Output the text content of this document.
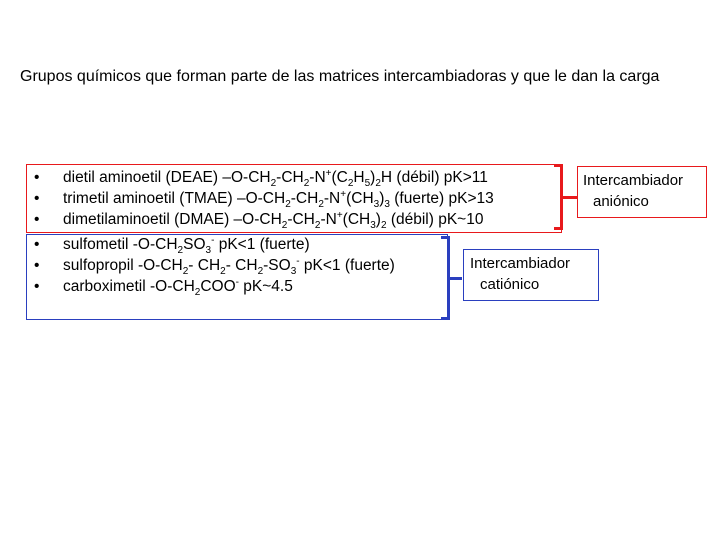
Grupos químicos que forman parte de las matrices intercambiadoras y que le dan la carga
• dietil aminoetil (DEAE) $-O-CH_2-CH_2-N^+(C_2H_5)_2H$ (débil) pK>11
• trimetil aminoetil (TMAE) $-O-CH_2-CH_2-N^+(CH_3)_3$ (fuerte) pK>13
• dimetilaminoetil (DMAE) $-O-CH_2-CH_2-N^+(CH_3)_2$ (débil) pK~10
• sulfometil $-O-CH_2SO_3^-$ pK<1 (fuerte)
• sulfopropil $-O-CH_2-$ $CH_2-$ $CH_2-SO_3^-$ pK<1 (fuerte)
• carboximetil $-O-CH_2COO^-$ pK~4.5
Intercambiador
aniónico
Intercambiador
catiónico
